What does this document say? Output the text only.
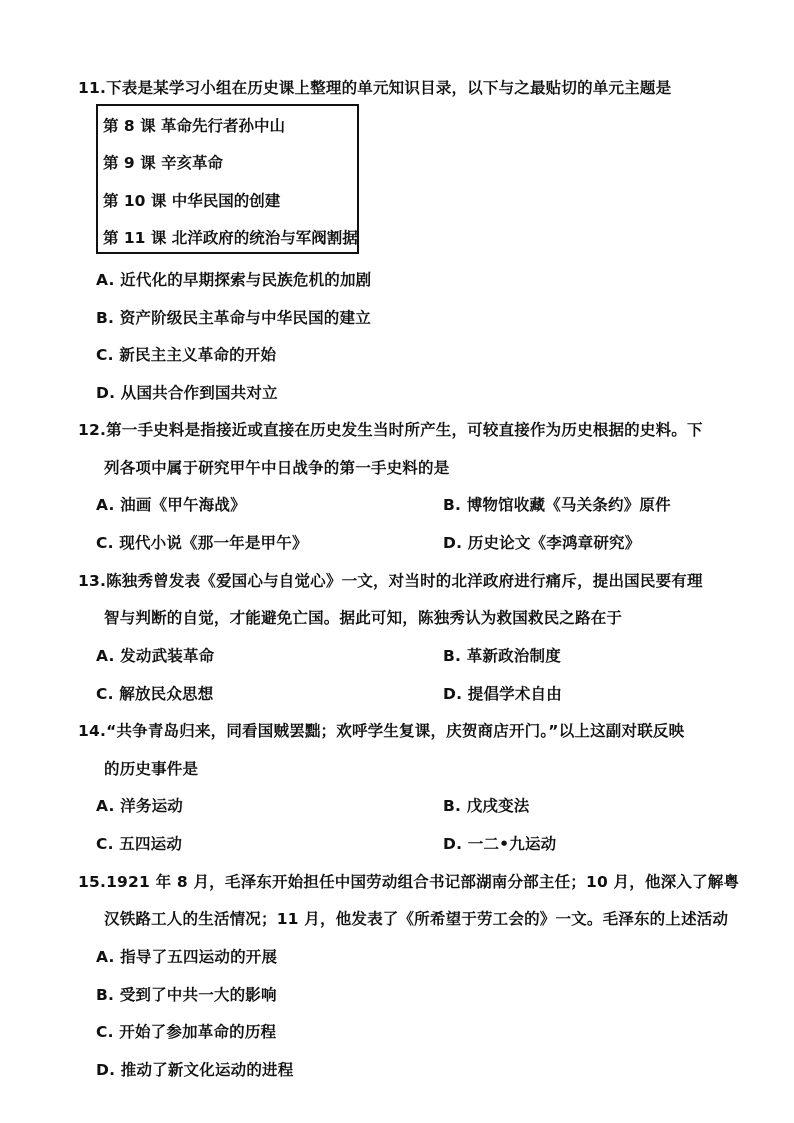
11.下表是某学习小组在历史课上整理的单元知识目录，以下与之最贴切的单元主题是
第 8 课 革命先行者孙中山
第 9 课 辛亥革命
第 10 课 中华民国的创建
第 11 课 北洋政府的统治与军阀割据
A. 近代化的早期探索与民族危机的加剧
B. 资产阶级民主革命与中华民国的建立
C. 新民主主义革命的开始
D. 从国共合作到国共对立
12.第一手史料是指接近或直接在历史发生当时所产生，可较直接作为历史根据的史料。下
列各项中属于研究甲午中日战争的第一手史料的是
A. 油画《甲午海战》	B. 博物馆收藏《马关条约》原件
C. 现代小说《那一年是甲午》	D. 历史论文《李鸿章研究》
13.陈独秀曾发表《爱国心与自觉心》一文，对当时的北洋政府进行痛斥，提出国民要有理
智与判断的自觉，才能避免亡国。据此可知，陈独秀认为救国救民之路在于
A. 发动武装革命	B. 革新政治制度
C. 解放民众思想	D. 提倡学术自由
14.“共争青岛归来，同看国贼罢黜；欢呼学生复课，庆贺商店开门。”以上这副对联反映
的历史事件是
A. 洋务运动	B. 戊戌变法
C. 五四运动	D. 一二•九运动
15.1921 年 8 月，毛泽东开始担任中国劳动组合书记部湖南分部主任；10 月，他深入了解粤
汉铁路工人的生活情况；11 月，他发表了《所希望于劳工会的》一文。毛泽东的上述活动
A. 指导了五四运动的开展
B. 受到了中共一大的影响
C. 开始了参加革命的历程
D. 推动了新文化运动的进程
